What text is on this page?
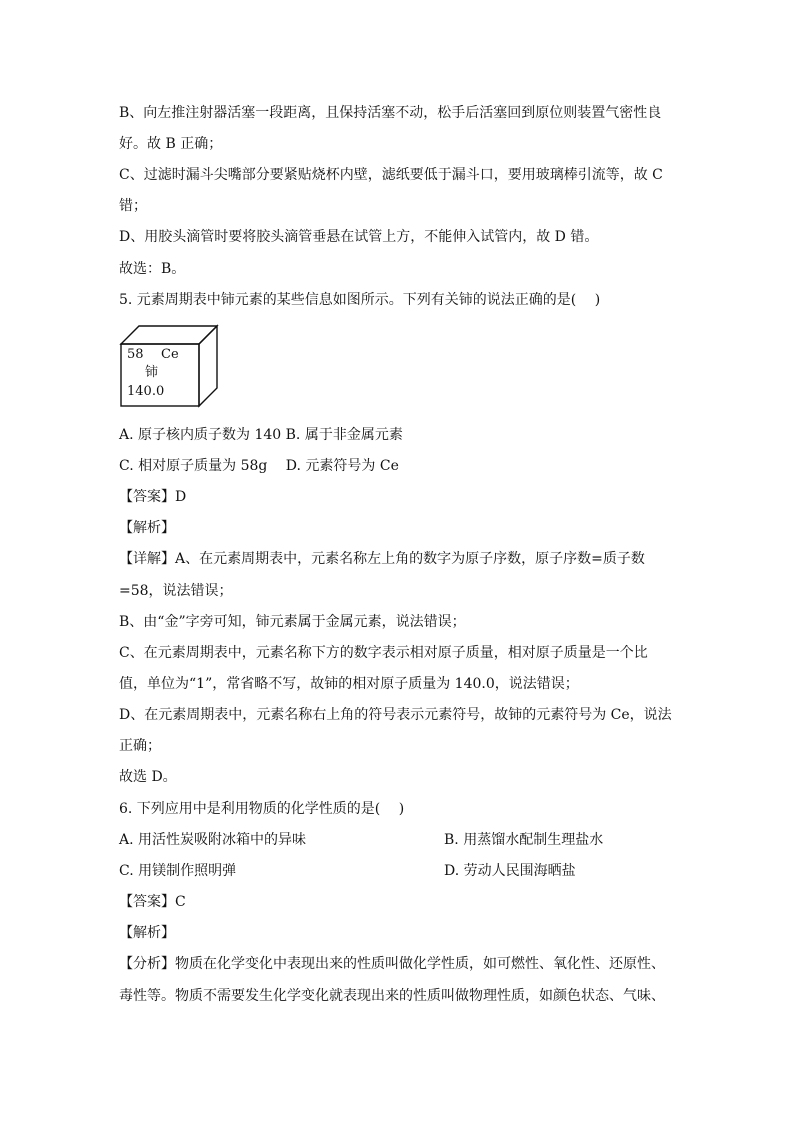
B、向左推注射器活塞一段距离，且保持活塞不动，松手后活塞回到原位则装置气密性良
好。故 B 正确；
C、过滤时漏斗尖嘴部分要紧贴烧杯内壁，滤纸要低于漏斗口，要用玻璃棒引流等，故 C
错；
D、用胶头滴管时要将胶头滴管垂悬在试管上方，不能伸入试管内，故 D 错。
故选：B。
5. 元素周期表中铈元素的某些信息如图所示。下列有关铈的说法正确的是(　 )
58 Ce
铈
140.0
A. 原子核内质子数为 140 B. 属于非金属元素
C. 相对原子质量为 58g　 D. 元素符号为 Ce
【答案】D
【解析】
【详解】A、在元素周期表中，元素名称左上角的数字为原子序数，原子序数=质子数
=58，说法错误；
B、由“金”字旁可知，铈元素属于金属元素，说法错误；
C、在元素周期表中，元素名称下方的数字表示相对原子质量，相对原子质量是一个比
值，单位为“1”，常省略不写，故铈的相对原子质量为 140.0，说法错误；
D、在元素周期表中，元素名称右上角的符号表示元素符号，故铈的元素符号为 Ce，说法
正确；
故选 D。
6. 下列应用中是利用物质的化学性质的是(　 )
A. 用活性炭吸附冰箱中的异味	B. 用蒸馏水配制生理盐水
C. 用镁制作照明弹	D. 劳动人民围海晒盐
【答案】C
【解析】
【分析】物质在化学变化中表现出来的性质叫做化学性质，如可燃性、氧化性、还原性、
毒性等。物质不需要发生化学变化就表现出来的性质叫做物理性质，如颜色状态、气味、
